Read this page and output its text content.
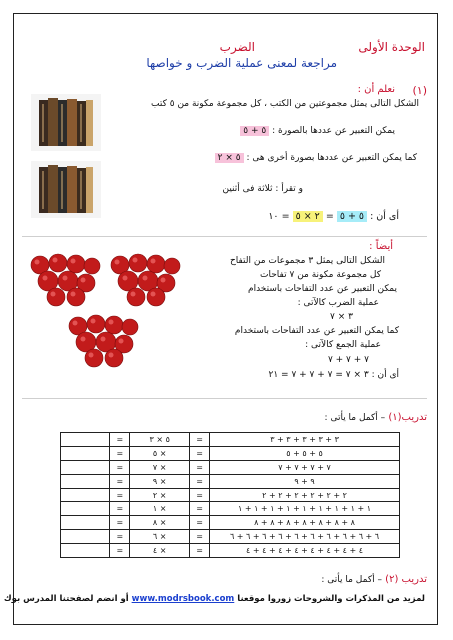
الوحدة الأولى
الضرب
مراجعة لمعنى عملية الضرب و خواصها
(١)
نعلم أن :
الشكل التالى يمثل مجموعتين من الكتب ، كل مجموعة مكونة من ٥ كتب
يمكن التعبير عن عددها بالصورة : ٥ + ٥
كما يمكن التعبير عن عددها بصورة أخرى هى : ٥ × ٢
و تقرأ : ثلاثة فى أثنين
أى أن : ٥ + ٥ = ٢ × ٥ = ١٠
أيضاً :
الشكل التالى يمثل ٣ مجموعات من التفاح
كل مجموعة مكونة من ٧ تفاحات
يمكن التعبير عن عدد التفاحات باستخدام
عملية الضرب كالآتى :
٣ × ٧
كما يمكن التعبير عن عدد التفاحات باستخدام
عملية الجمع كالآتى :
٧ + ٧ + ٧
أى أن : ٣ × ٧ = ٧ + ٧ + ٧ = ٢١
تدريب(١) – أكمل ما يأتى :
٣ + ٣ + ٣ + ٣ + ٣	=	٥ × ٣	=	
٥ + ٥ + ٥	=	× ٥	=	
٧ + ٧ + ٧ + ٧	=	× ٧	=	
٩ + ٩	=	× ٩	=	
٢ + ٢ + ٢ + ٢ + ٢ + ٢	=	× ٢	=	
١ + ١ + ١ + ١ + ١ + ١ + ١ + ١ + ١	=	× ١	=	
٨ + ٨ + ٨ + ٨ + ٨ + ٨ + ٨	=	× ٨	=	
٦ + ٦ + ٦ + ٦ + ٦ + ٦ + ٦ + ٦ + ٦ + ٦	=	× ٦	=	
٤ + ٤ + ٤ + ٤ + ٤ + ٤ + ٤ + ٤	=	× ٤	=	
تدريب (٢) – أكمل ما يأتى :
لمزيد من المذكرات والشروحات زوروا موقعنا www.modrsbook.com أو انضم لصفحتنا المدرس بوك
